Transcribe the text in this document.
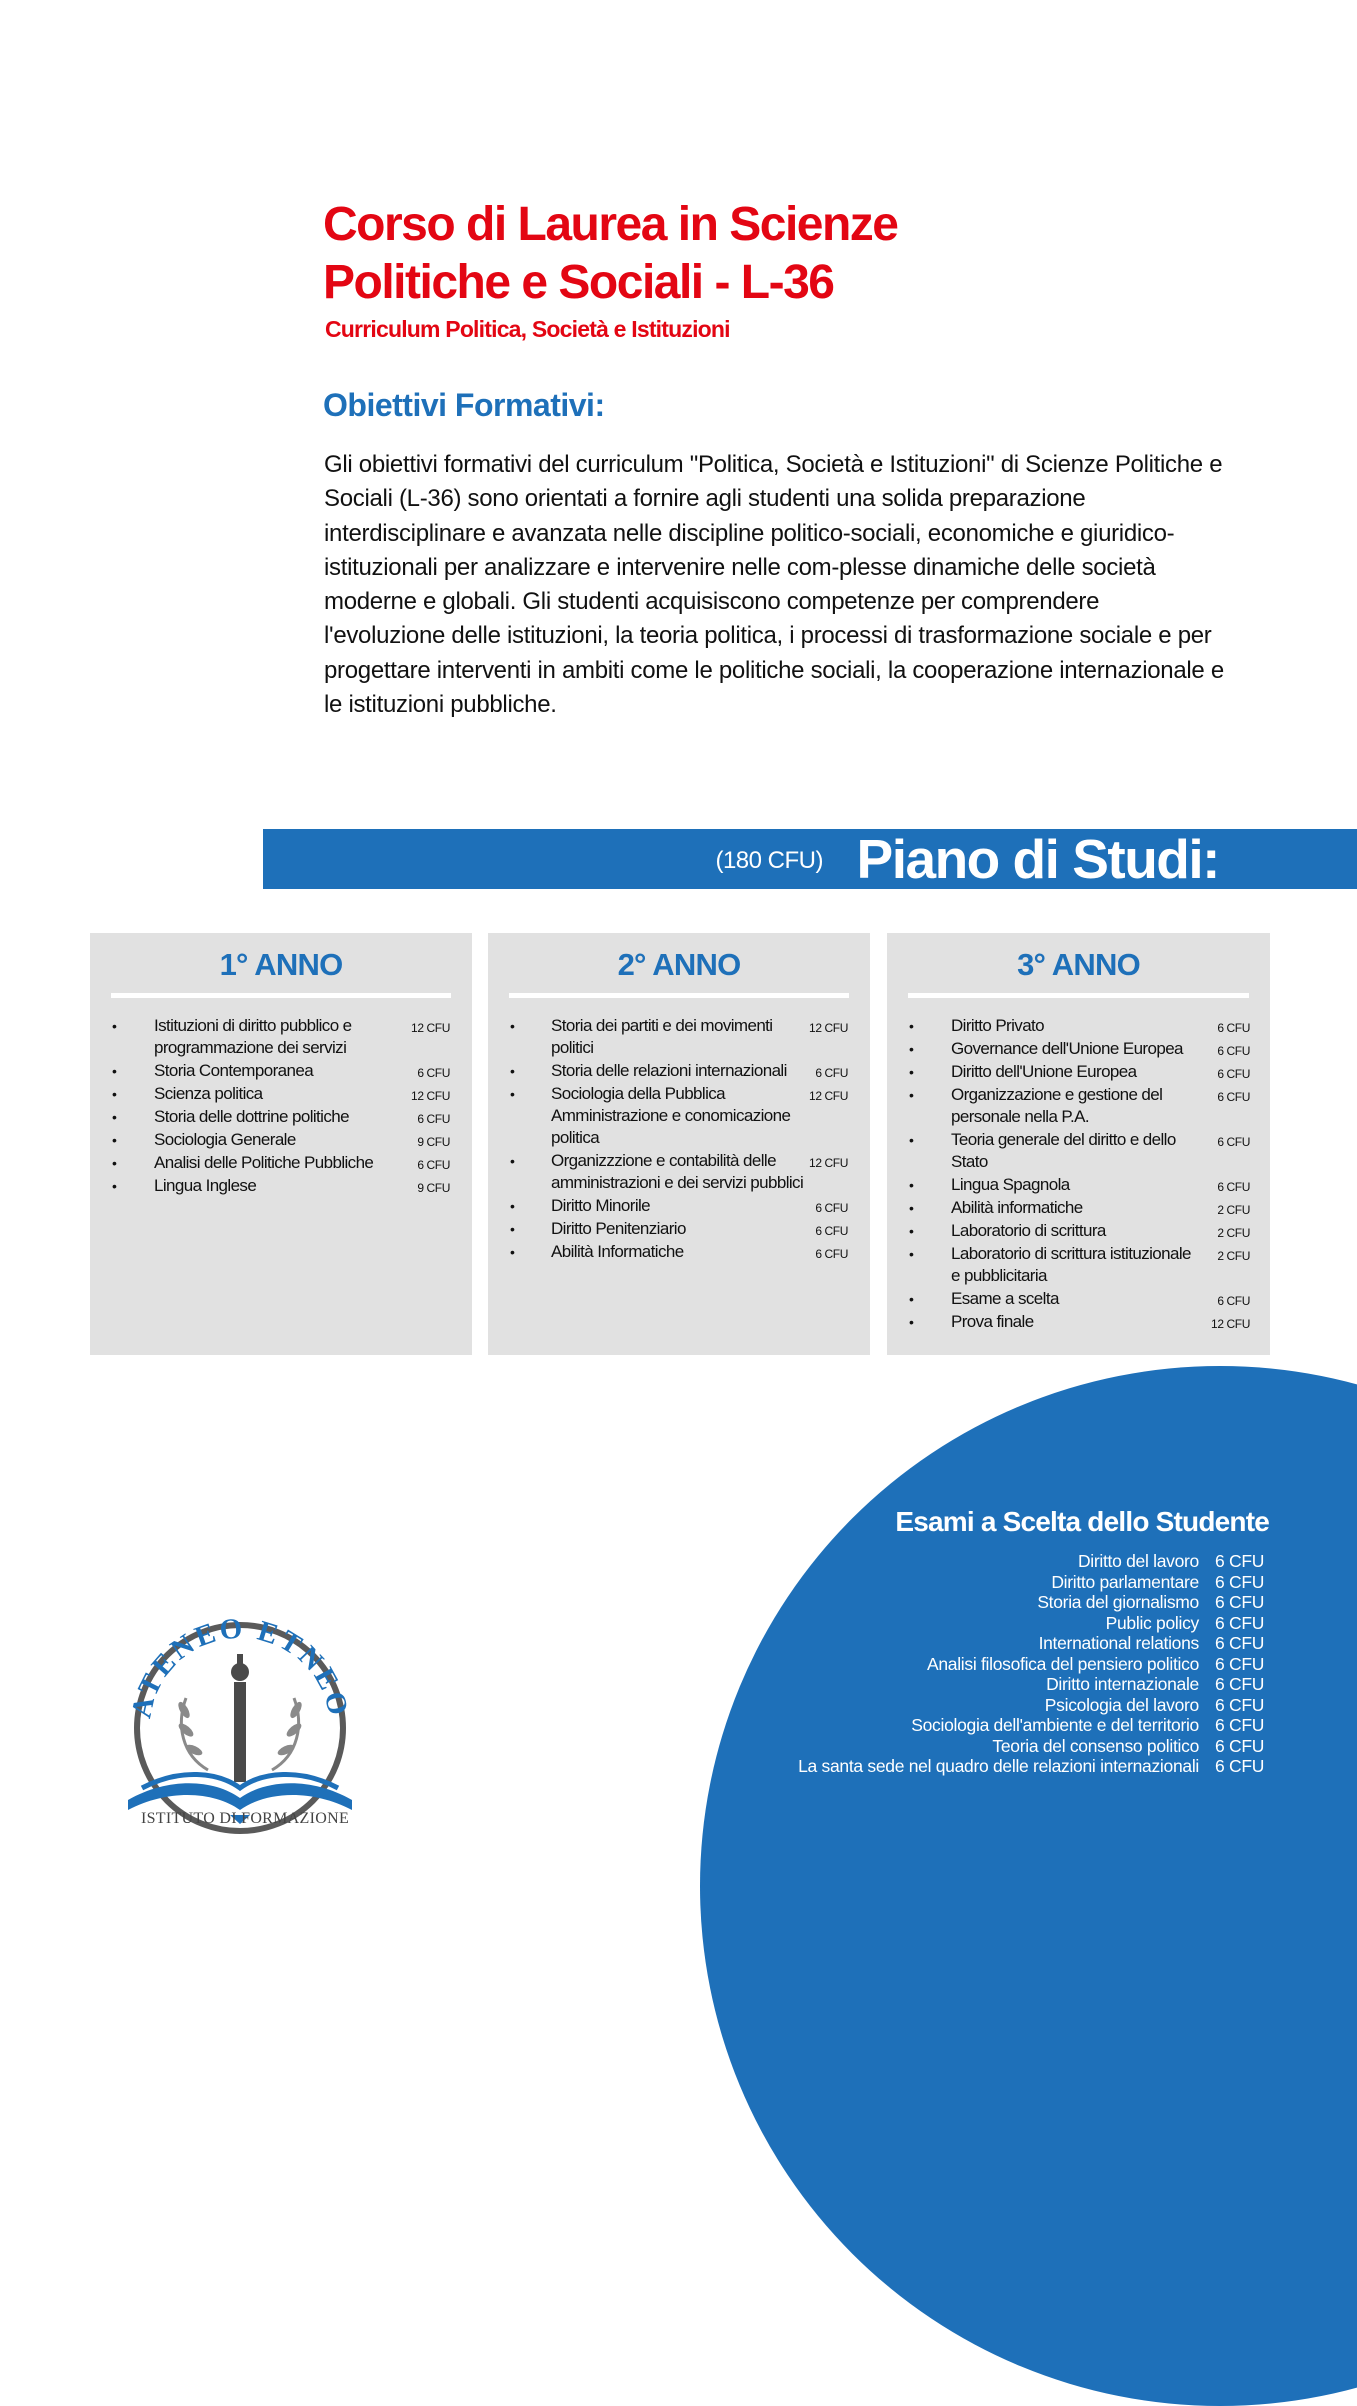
Corso di Laurea in Scienze
Politiche e Sociali - L-36

Curriculum Politica, Società e Istituzioni

Obiettivi Formativi:

Gli obiettivi formativi del curriculum "Politica, Società e Istituzioni" di Scienze Politiche e Sociali (L-36) sono orientati a fornire agli studenti una solida preparazione interdisciplinare e avanzata nelle discipline politico-sociali, economiche e giuridico-istituzionali per analizzare e intervenire nelle com-plesse dinamiche delle società moderne e globali. Gli studenti acquisiscono competenze per comprendere l'evoluzione delle istituzioni, la teoria politica, i processi di trasformazione sociale e per progettare interventi in ambiti come le politiche sociali, la cooperazione internazionale e le istituzioni pubbliche.

(180 CFU) Piano di Studi:
1° ANNO
• Istituzioni di diritto pubblico e programmazione dei servizi
12 CFU
• Storia Contemporanea	6 CFU
• Scienza politica	12 CFU
• Storia delle dottrine politiche	6 CFU
• Sociologia Generale	9 CFU
• Analisi delle Politiche Pubbliche	6 CFU
• Lingua Inglese	9 CFU
2° ANNO
• Storia dei partiti e dei movimenti politici
12 CFU
• Storia delle relazioni internazionali	6 CFU
• Sociologia della Pubblica Amministrazione e conomicazione politica
12 CFU
• Organizzzione e contabilità delle amministrazioni e dei servizi pubblici
12 CFU
• Diritto Minorile	6 CFU
• Diritto Penitenziario	6 CFU
• Abilità Informatiche	6 CFU
3° ANNO
• Diritto Privato	6 CFU
• Governance dell'Unione Europea	6 CFU
• Diritto dell'Unione Europea	6 CFU
• Organizzazione e gestione del personale nella P.A.
6 CFU
• Teoria generale del diritto e dello Stato
6 CFU
• Lingua Spagnola	6 CFU
• Abilità informatiche	2 CFU
• Laboratorio di scrittura	2 CFU
• Laboratorio di scrittura istituzionale e pubblicitaria
2 CFU
• Esame a scelta	6 CFU
• Prova finale	12 CFU
Esami a Scelta dello Studente
Diritto del lavoro 6 CFU
Diritto parlamentare 6 CFU
Storia del giornalismo 6 CFU
Public policy 6 CFU
International relations 6 CFU
Analisi filosofica del pensiero politico 6 CFU
Diritto internazionale 6 CFU
Psicologia del lavoro 6 CFU
Sociologia dell'ambiente e del territorio 6 CFU
Teoria del consenso politico 6 CFU
La santa sede nel quadro delle relazioni internazionali 6 CFU
ATENEO ETNEO

ISTITUTO DI FORMAZIONE
